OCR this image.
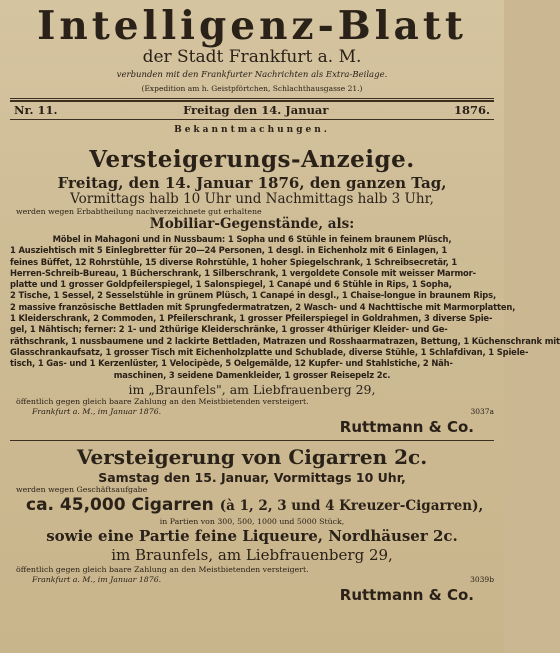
Intelligenz-Blatt
der Stadt Frankfurt a. M.
verbunden mit den Frankfurter Nachrichten als Extra-Beilage.
(Expedition am h. Geistpförtchen, Schlachthausgasse 21.)
Nr. 11.	Freitag den 14. Januar	1876.
Bekanntmachungen.
Versteigerungs-Anzeige.
Freitag, den 14. Januar 1876, den ganzen Tag,
Vormittags halb 10 Uhr und Nachmittags halb 3 Uhr,
werden wegen Erbabtheilung nachverzeichnete gut erhaltene
Mobiliar-Gegenstände, als:
Möbel in Mahagoni und in Nussbaum: 1 Sopha und 6 Stühle in feinem braunem Plüsch,
1 Ausziehtisch mit 5 Einlegbretter für 20—24 Personen, 1 desgl. in Eichenholz mit 6 Einlagen, 1
feines Büffet, 12 Rohrstühle, 15 diverse Rohrstühle, 1 hoher Spiegelschrank, 1 Schreibsecretär, 1
Herren-Schreib-Bureau, 1 Bücherschrank, 1 Silberschrank, 1 vergoldete Console mit weisser Marmor-
platte und 1 grosser Goldpfeilerspiegel, 1 Salonspiegel, 1 Canapé und 6 Stühle in Rips, 1 Sopha,
2 Tische, 1 Sessel, 2 Sesselstühle in grünem Plüsch, 1 Canapé in desgl., 1 Chaise-longue in braunem Rips,
2 massive französische Bettladen mit Sprungfedermatratzen, 2 Wasch- und 4 Nachttische mit Marmorplatten,
1 Kleiderschrank, 2 Commoden, 1 Pfeilerschrank, 1 grosser Pfeilerspiegel in Goldrahmen, 3 diverse Spie-
gel, 1 Nähtisch; ferner: 2 1- und 2thürige Kleiderschränke, 1 grosser 4thüriger Kleider- und Ge-
räthschrank, 1 nussbaumene und 2 lackirte Bettladen, Matrazen und Rosshaarmatrazen, Bettung, 1 Küchenschrank mit
Glasschrankaufsatz, 1 grosser Tisch mit Eichenholzplatte und Schublade, diverse Stühle, 1 Schlafdivan, 1 Spiele-
tisch, 1 Gas- und 1 Kerzenlüster, 1 Velocipède, 5 Oelgemälde, 12 Kupfer- und Stahlstiche, 2 Näh-
maschinen, 3 seidene Damenkleider, 1 grosser Reisepelz 2c.
im „Braunfels", am Liebfrauenberg 29,
öffentlich gegen gleich baare Zahlung an den Meistbietenden versteigert.
Frankfurt a. M., im Januar 1876.	3037a
Ruttmann & Co.
Versteigerung von Cigarren 2c.
Samstag den 15. Januar, Vormittags 10 Uhr,
werden wegen Geschäftsaufgabe
ca. 45,000 Cigarren (à 1, 2, 3 und 4 Kreuzer-Cigarren),
in Partien von 300, 500, 1000 und 5000 Stück,
sowie eine Partie feine Liqueure, Nordhäuser 2c.
im Braunfels, am Liebfrauenberg 29,
öffentlich gegen gleich baare Zahlung an den Meistbietenden versteigert.
Frankfurt a. M., im Januar 1876.	3039b
Ruttmann & Co.
